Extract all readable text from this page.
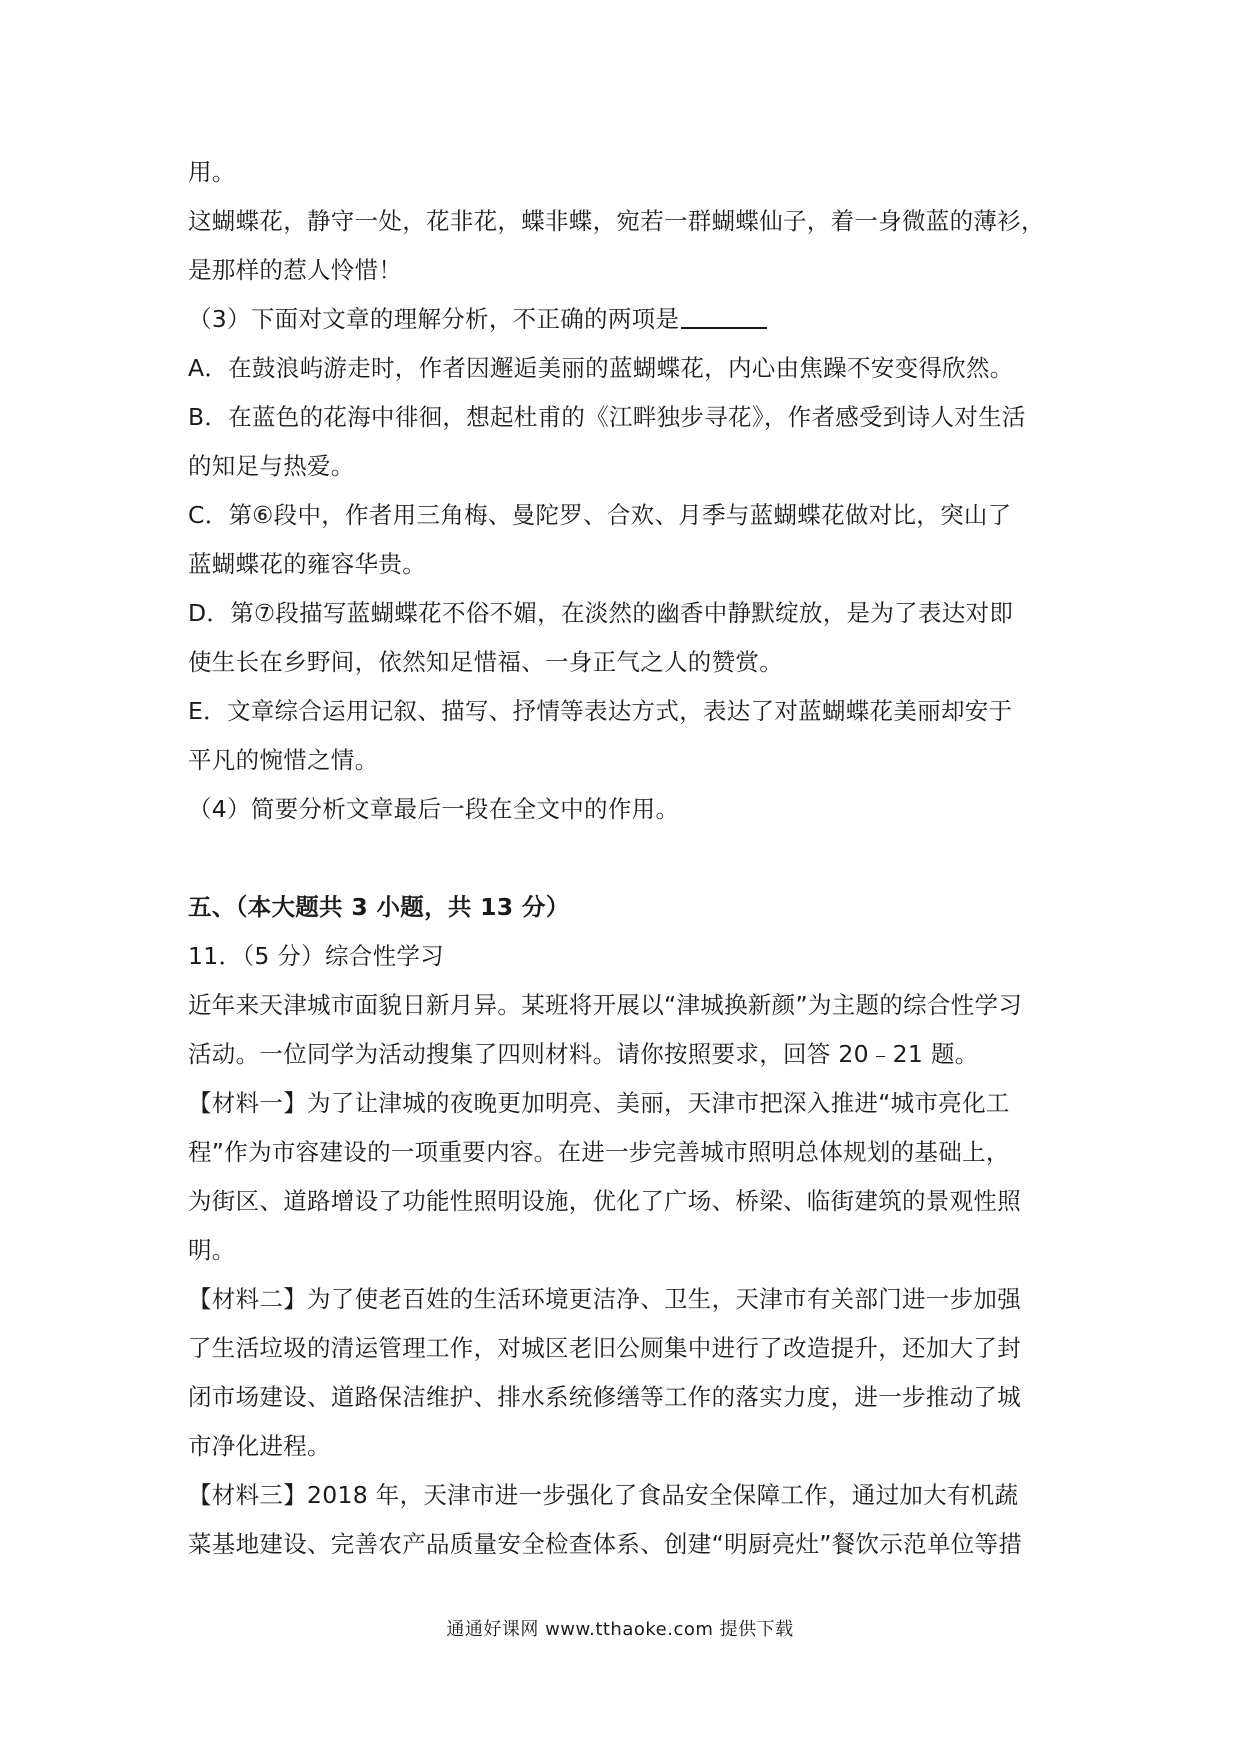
用。

这蝴蝶花，静守一处，花非花，蝶非蝶，宛若一群蝴蝶仙子，着一身微蓝的薄衫，

是那样的惹人怜惜！

（3）下面对文章的理解分析，不正确的两项是

A．在鼓浪屿游走时，作者因邂逅美丽的蓝蝴蝶花，内心由焦躁不安变得欣然。

B．在蓝色的花海中徘徊，想起杜甫的《江畔独步寻花》，作者感受到诗人对生活

的知足与热爱。

C．第⑥段中，作者用三角梅、曼陀罗、合欢、月季与蓝蝴蝶花做对比，突山了

蓝蝴蝶花的雍容华贵。

D．第⑦段描写蓝蝴蝶花不俗不媚，在淡然的幽香中静默绽放，是为了表达对即

使生长在乡野间，依然知足惜福、一身正气之人的赞赏。

E．文章综合运用记叙、描写、抒情等表达方式，表达了对蓝蝴蝶花美丽却安于

平凡的惋惜之情。

（4）简要分析文章最后一段在全文中的作用。

五、（本大题共 3 小题，共 13 分）

11．（5 分）综合性学习

近年来天津城市面貌日新月异。某班将开展以“津城换新颜”为主题的综合性学习

活动。一位同学为活动搜集了四则材料。请你按照要求，回答 20﹣21 题。

【材料一】为了让津城的夜晚更加明亮、美丽，天津市把深入推进“城市亮化工

程”作为市容建设的一项重要内容。在进一步完善城市照明总体规划的基础上，

为街区、道路增设了功能性照明设施，优化了广场、桥梁、临街建筑的景观性照

明。

【材料二】为了使老百姓的生活环境更洁净、卫生，天津市有关部门进一步加强

了生活垃圾的清运管理工作，对城区老旧公厕集中进行了改造提升，还加大了封

闭市场建设、道路保洁维护、排水系统修缮等工作的落实力度，进一步推动了城

市净化进程。

【材料三】2018 年，天津市进一步强化了食品安全保障工作，通过加大有机蔬

菜基地建设、完善农产品质量安全检查体系、创建“明厨亮灶”餐饮示范单位等措

通通好课网 www.tthaoke.com 提供下载
